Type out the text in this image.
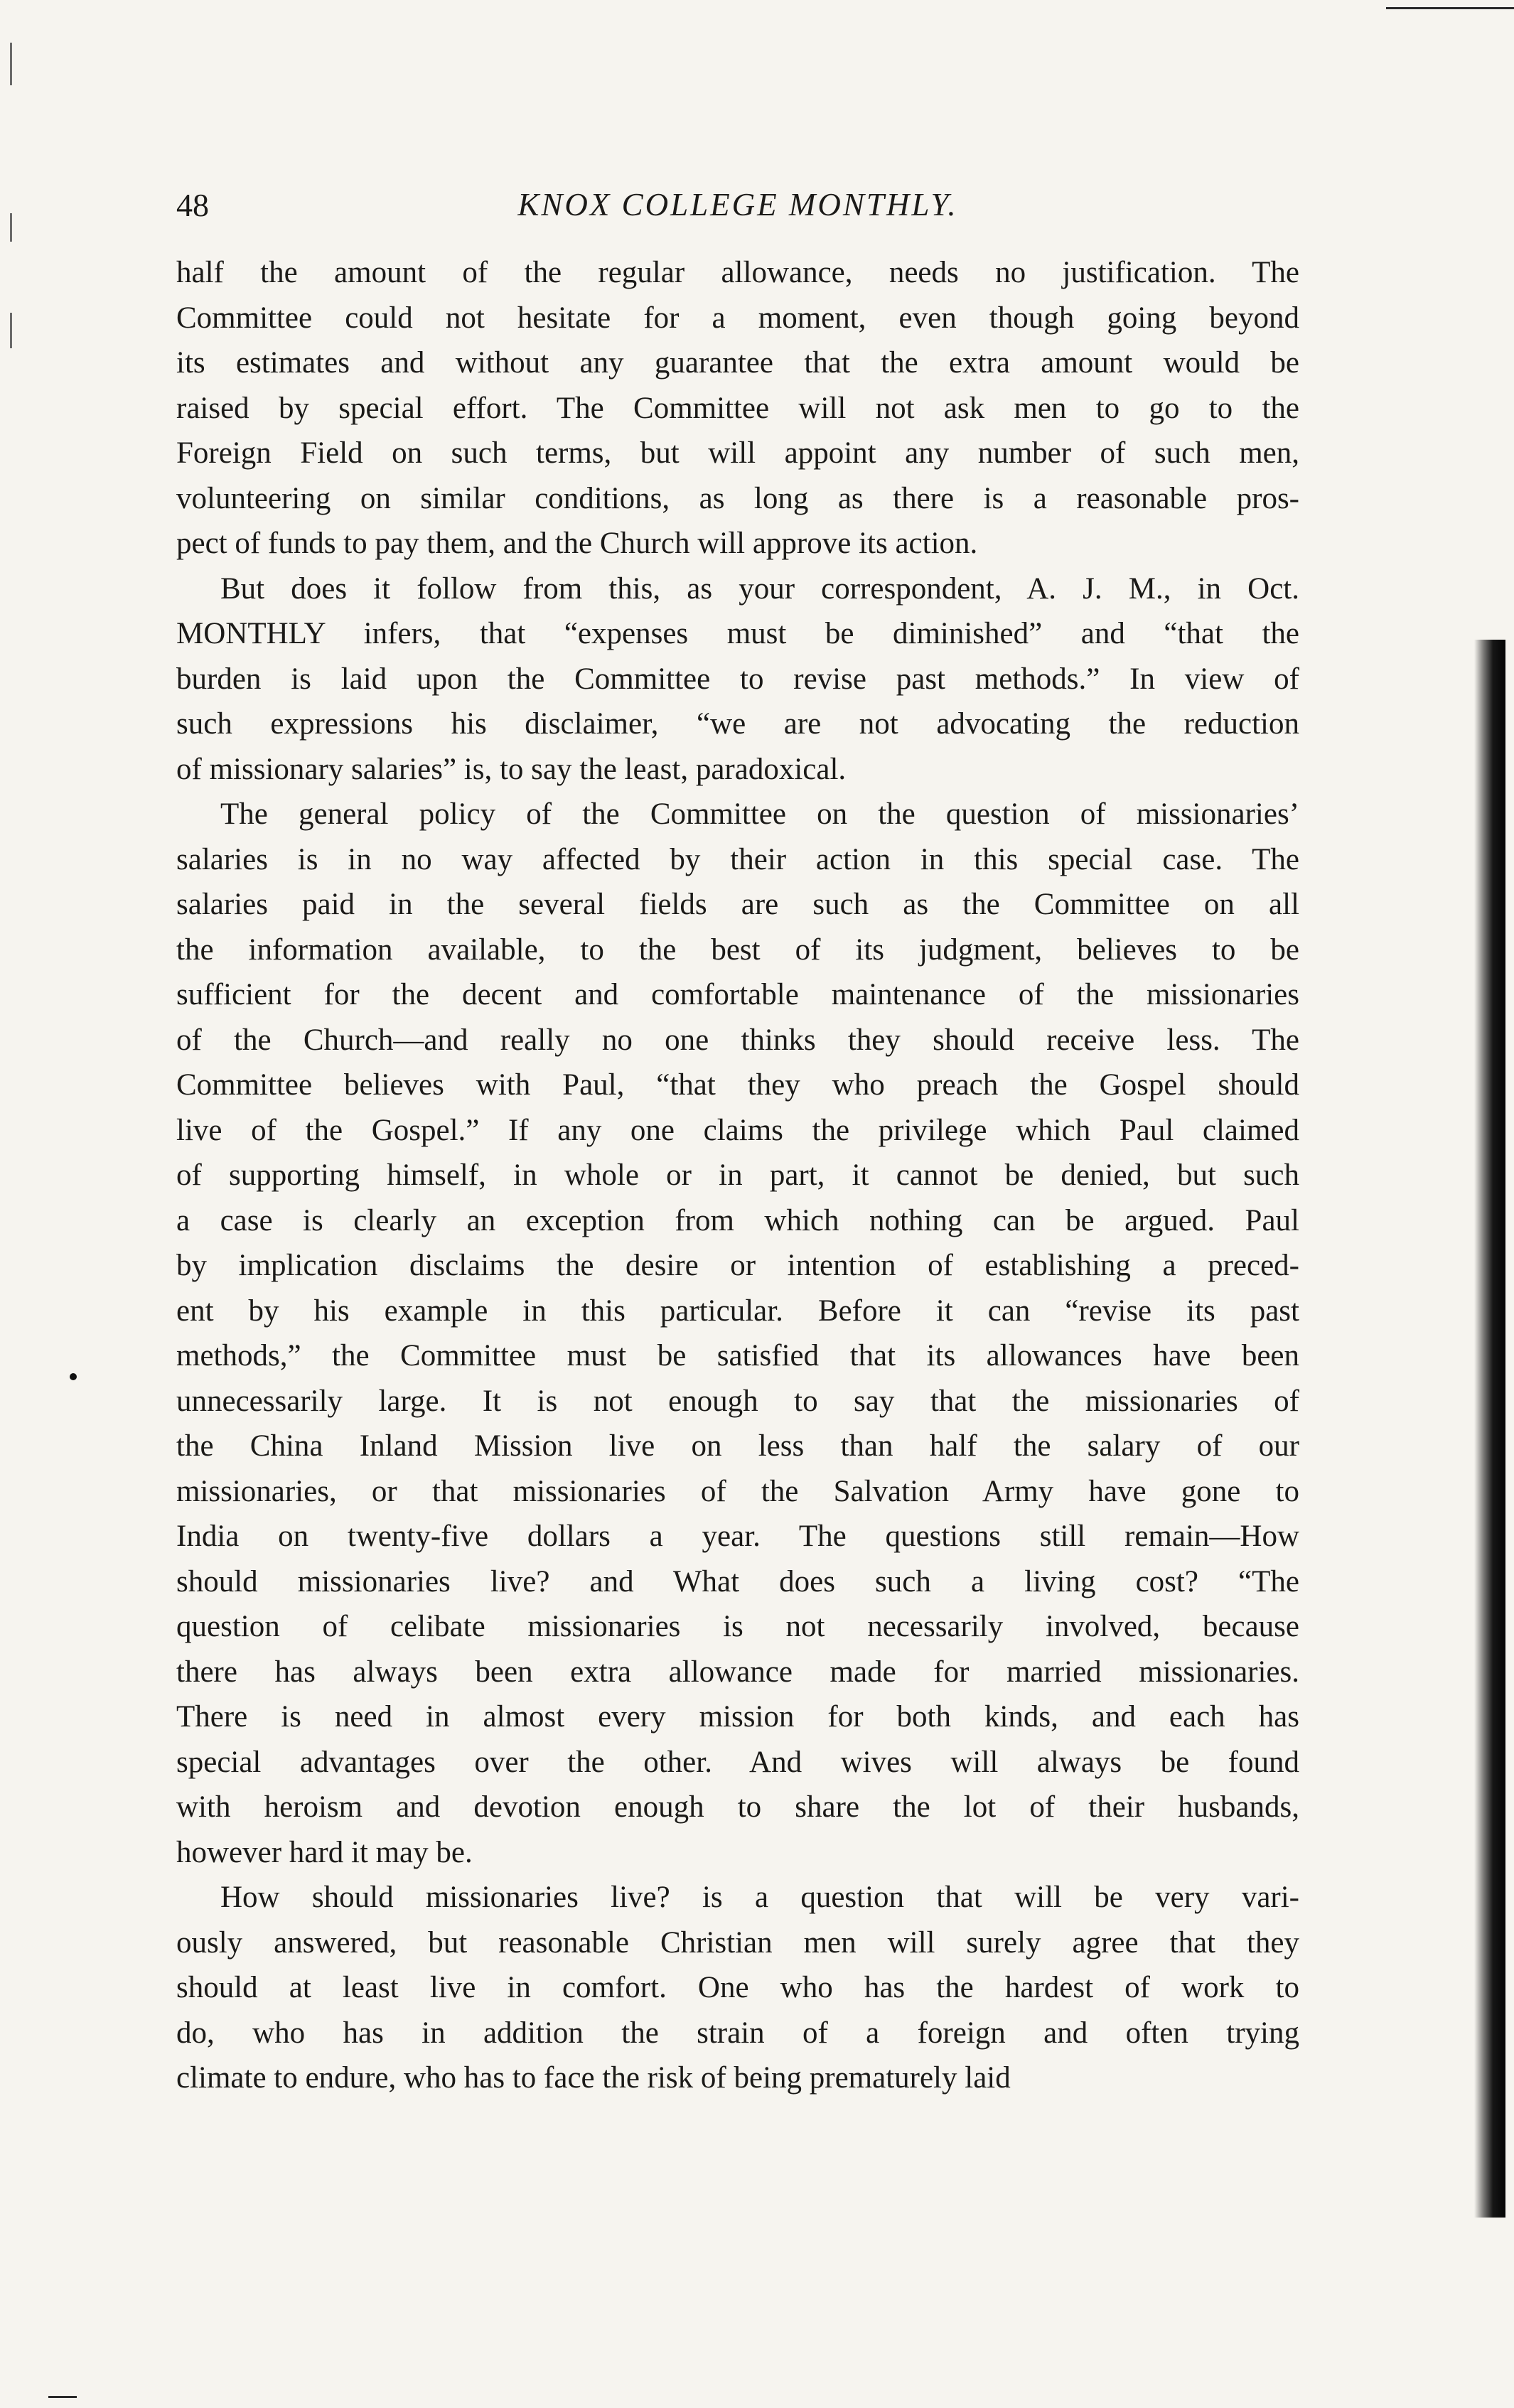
48	KNOX COLLEGE MONTHLY.

half the amount of the regular allowance, needs no justification. The
Committee could not hesitate for a moment, even though going beyond
its estimates and without any guarantee that the extra amount would be
raised by special effort. The Committee will not ask men to go to the
Foreign Field on such terms, but will appoint any number of such men,
volunteering on similar conditions, as long as there is a reasonable pros-
pect of funds to pay them, and the Church will approve its action.

But does it follow from this, as your correspondent, A. J. M., in Oct.
MONTHLY infers, that “expenses must be diminished” and “that the
burden is laid upon the Committee to revise past methods.” In view of
such expressions his disclaimer, “we are not advocating the reduction
of missionary salaries” is, to say the least, paradoxical.

The general policy of the Committee on the question of missionaries’
salaries is in no way affected by their action in this special case. The
salaries paid in the several fields are such as the Committee on all
the information available, to the best of its judgment, believes to be
sufficient for the decent and comfortable maintenance of the missionaries
of the Church—and really no one thinks they should receive less. The
Committee believes with Paul, “that they who preach the Gospel should
live of the Gospel.” If any one claims the privilege which Paul claimed
of supporting himself, in whole or in part, it cannot be denied, but such
a case is clearly an exception from which nothing can be argued. Paul
by implication disclaims the desire or intention of establishing a preced-
ent by his example in this particular. Before it can “revise its past
methods,” the Committee must be satisfied that its allowances have been
unnecessarily large. It is not enough to say that the missionaries of
the China Inland Mission live on less than half the salary of our
missionaries, or that missionaries of the Salvation Army have gone to
India on twenty-five dollars a year. The questions still remain—How
should missionaries live? and What does such a living cost? “The
question of celibate missionaries is not necessarily involved, because
there has always been extra allowance made for married missionaries.
There is need in almost every mission for both kinds, and each has
special advantages over the other. And wives will always be found
with heroism and devotion enough to share the lot of their husbands,
however hard it may be.

How should missionaries live? is a question that will be very vari-
ously answered, but reasonable Christian men will surely agree that they
should at least live in comfort. One who has the hardest of work to
do, who has in addition the strain of a foreign and often trying
climate to endure, who has to face the risk of being prematurely laid
